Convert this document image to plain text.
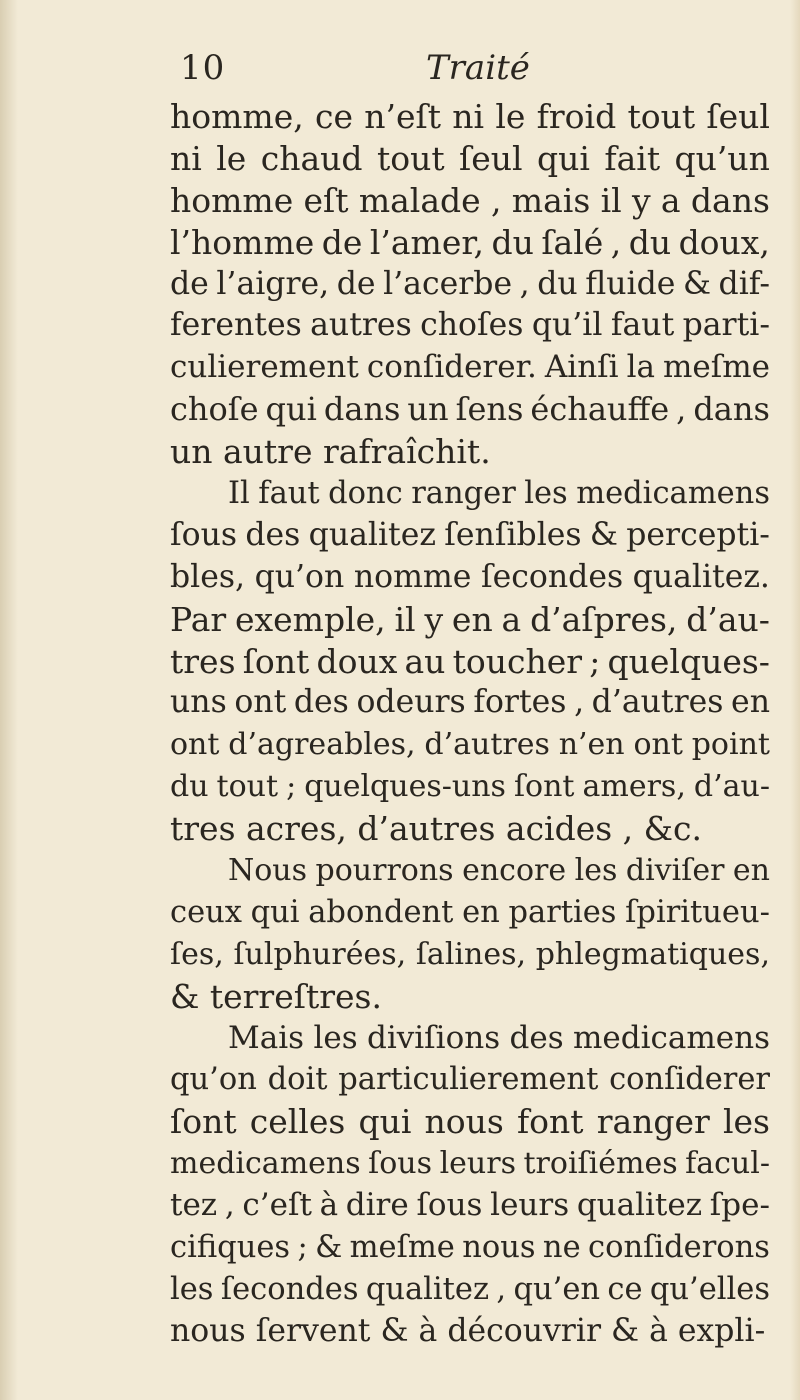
10	Traité
homme, ce n’eſt ni le froid tout ſeul
ni le chaud tout ſeul qui fait qu’un
homme eſt malade , mais il y a dans
l’homme de l’amer, du ſalé , du doux,
de l’aigre, de l’acerbe , du fluide & dif-
ferentes autres choſes qu’il faut parti-
culierement conſiderer. Ainſi la meſme
choſe qui dans un ſens échauffe , dans
un autre rafraîchit.
Il faut donc ranger les medicamens
ſous des qualitez ſenſibles & percepti-
bles, qu’on nomme ſecondes qualitez.
Par exemple, il y en a d’aſpres, d’au-
tres ſont doux au toucher ; quelques-
uns ont des odeurs fortes , d’autres en
ont d’agreables, d’autres n’en ont point
du tout ; quelques-uns ſont amers, d’au-
tres acres, d’autres acides , &c.
Nous pourrons encore les diviſer en
ceux qui abondent en parties ſpiritueu-
ſes, ſulphurées, ſalines, phlegmatiques,
& terreſtres.
Mais les diviſions des medicamens
qu’on doit particulierement conſiderer
ſont celles qui nous font ranger les
medicamens ſous leurs troiſiémes facul-
tez , c’eſt à dire ſous leurs qualitez ſpe-
cifiques ; & meſme nous ne conſiderons
les ſecondes qualitez , qu’en ce qu’elles
nous ſervent & à découvrir & à expli-
